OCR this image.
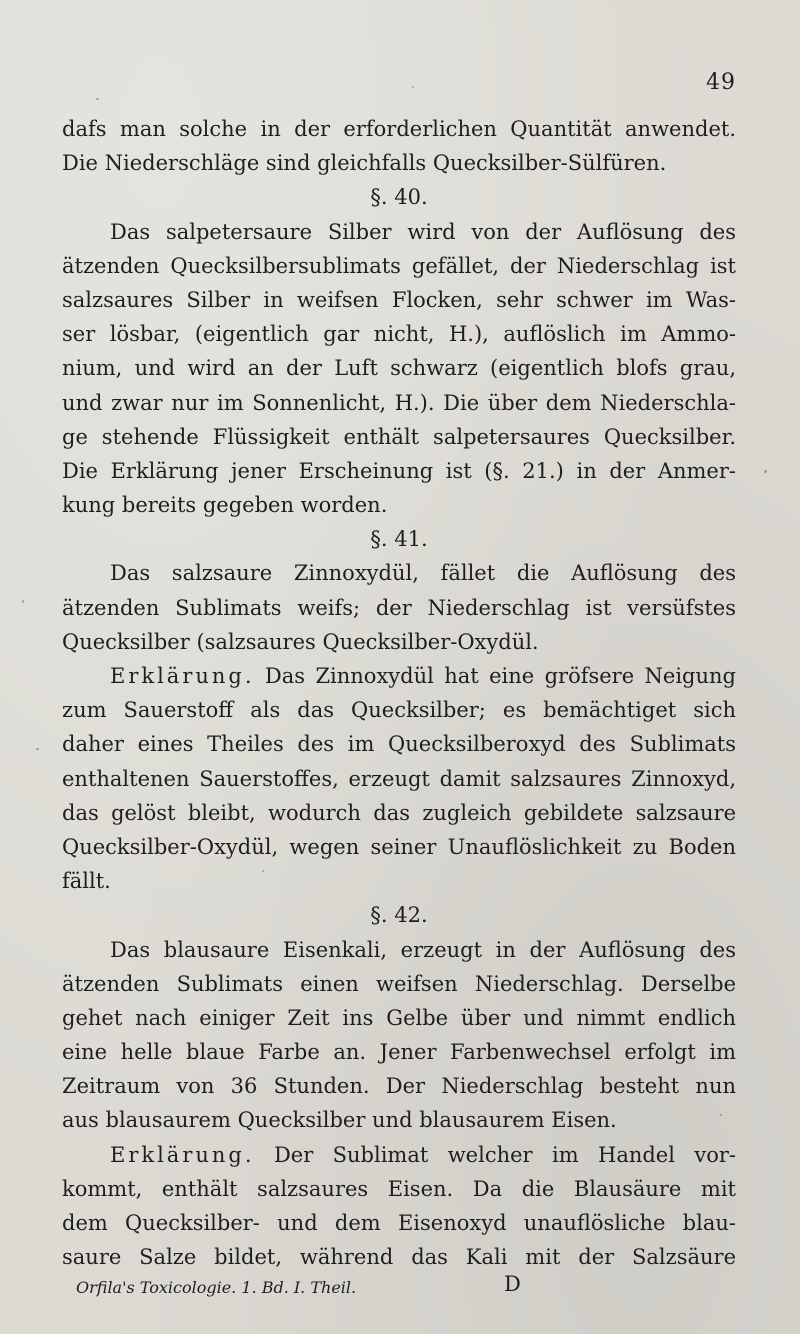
49
dafs man solche in der erforderlichen Quantität anwendet.
Die Niederschläge sind gleichfalls Quecksilber-Sülfüren.
§. 40.
Das salpetersaure Silber wird von der Auflösung des
ätzenden Quecksilbersublimats gefället, der Niederschlag ist
salzsaures Silber in weifsen Flocken, sehr schwer im Was-
ser lösbar, (eigentlich gar nicht, H.), auflöslich im Ammo-
nium, und wird an der Luft schwarz (eigentlich blofs grau,
und zwar nur im Sonnenlicht, H.). Die über dem Niederschla-
ge stehende Flüssigkeit enthält salpetersaures Quecksilber.
Die Erklärung jener Erscheinung ist (§. 21.) in der Anmer-
kung bereits gegeben worden.
§. 41.
Das salzsaure Zinnoxydül, fället die Auflösung des
ätzenden Sublimats weifs; der Niederschlag ist versüfstes
Quecksilber (salzsaures Quecksilber-Oxydül.
Erklärung. Das Zinnoxydül hat eine gröfsere Neigung
zum Sauerstoff als das Quecksilber; es bemächtiget sich
daher eines Theiles des im Quecksilberoxyd des Sublimats
enthaltenen Sauerstoffes, erzeugt damit salzsaures Zinnoxyd,
das gelöst bleibt, wodurch das zugleich gebildete salzsaure
Quecksilber-Oxydül, wegen seiner Unauflöslichkeit zu Boden
fällt.
§. 42.
Das blausaure Eisenkali, erzeugt in der Auflösung des
ätzenden Sublimats einen weifsen Niederschlag. Derselbe
gehet nach einiger Zeit ins Gelbe über und nimmt endlich
eine helle blaue Farbe an. Jener Farbenwechsel erfolgt im
Zeitraum von 36 Stunden. Der Niederschlag besteht nun
aus blausaurem Quecksilber und blausaurem Eisen.
Erklärung. Der Sublimat welcher im Handel vor-
kommt, enthält salzsaures Eisen. Da die Blausäure mit
dem Quecksilber- und dem Eisenoxyd unauflösliche blau-
saure Salze bildet, während das Kali mit der Salzsäure
Orfila's Toxicologie. 1. Bd. I. Theil.	D
